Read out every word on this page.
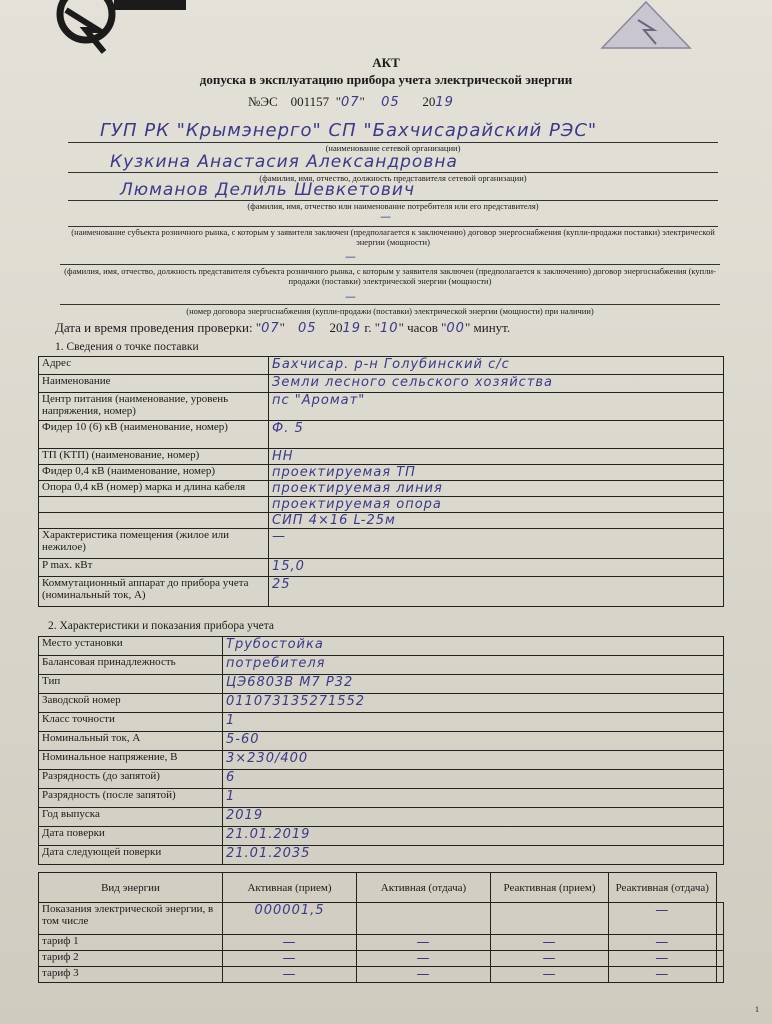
АКТ
допуска в эксплуатацию прибора учета электрической энергии
№ЭС 001157  "07"     05 2019
ГУП РК "Крымэнерго" СП "Бахчисарайский РЭС"
(наименование сетевой организации)
Кузкина Анастасия Александровна
(фамилия, имя, отчество, должность представителя сетевой организации)
Люманов Делиль Шевкетович
(фамилия, имя, отчество или наименование потребителя или его представителя)
—
(наименование субъекта розничного рынка, с которым у заявителя заключен (предполагается к заключению) договор энергоснабжения (купли-продажи поставки) электрической энергии (мощности)
—
(фамилия, имя, отчество, должность представителя субъекта розничного рынка, с которым у заявителя заключен (предполагается к заключению) договор энергоснабжения (купли-продажи (поставки) электрической энергии (мощности)
—
(номер договора энергоснабжения (купли-продажи (поставки) электрической энергии (мощности) при наличии)
Дата и время проведения проверки: "07"    05 2019 г. "10" часов "00" минут.
1. Сведения о точке поставки
Адрес	Бахчисар. р-н Голубинский с/с
Наименование	Земли лесного сельского хозяйства
Центр питания (наименование, уровень напряжения, номер)	пс "Аромат"
Фидер 10 (6) кВ (наименование, номер)	Ф. 5
ТП (КТП) (наименование, номер)	НН
Фидер 0,4 кВ (наименование, номер)	проектируемая ТП
Опора 0,4 кВ (номер) марка и длина кабеля	проектируемая линия
	проектируемая опора
	СИП 4×16 L-25м
Характеристика помещения (жилое или нежилое)	—
P max. кВт	15,0
Коммутационный аппарат до прибора учета (номинальный ток, А)	25
2. Характеристики и показания прибора учета
Место установки	Трубостойка
Балансовая принадлежность	потребителя
Тип	ЦЭ6803В М7 Р32
Заводской номер	011073135271552
Класс точности	1
Номинальный ток, А	5-60
Номинальное напряжение, В	3×230/400
Разрядность (до запятой)	6
Разрядность (после запятой)	1
Год выпуска	2019
Дата поверки	21.01.2019
Дата следующей поверки	21.01.2035
Вид энергии	Активная (прием)	Активная (отдача)	Реактивная (прием)	Реактивная (отдача)	
Показания электрической энергии, в том числе	000001,5			—	
тариф 1	—	—	—	—	
тариф 2	—	—	—	—	
тариф 3	—	—	—	—	
1
